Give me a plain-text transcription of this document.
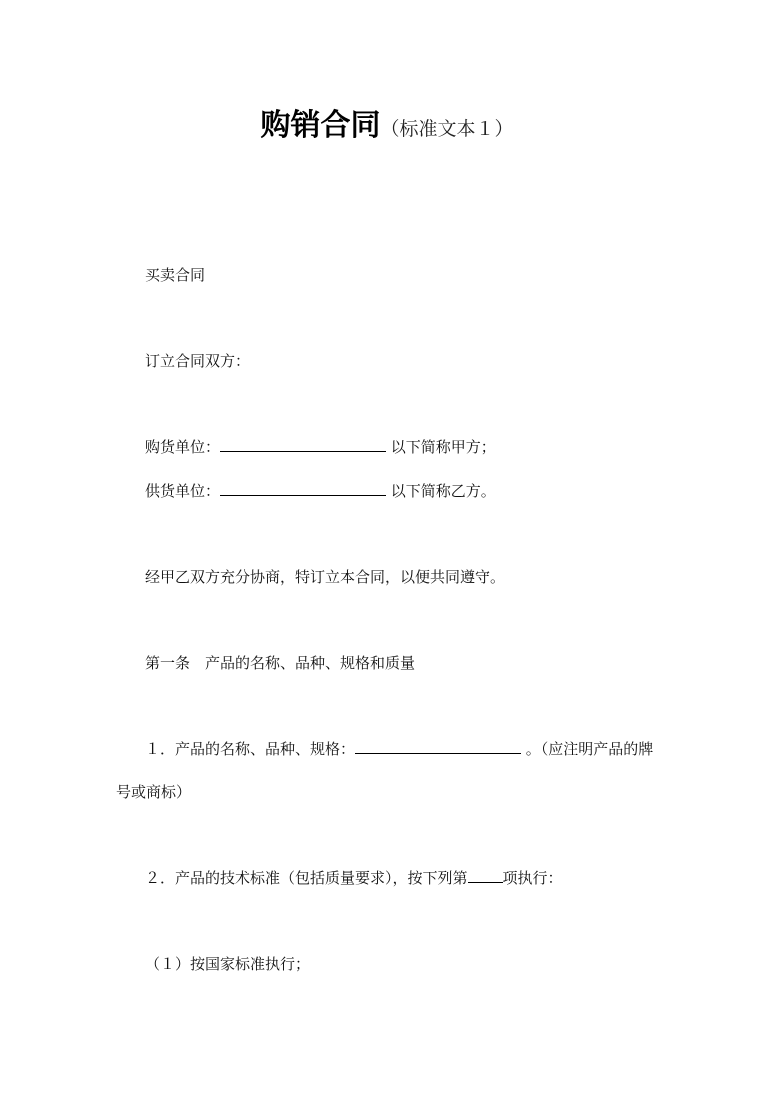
购销合同（标准文本１）
买卖合同
订立合同双方：
购货单位：	以下简称甲方；
供货单位：	以下简称乙方。
经甲乙双方充分协商，特订立本合同，以便共同遵守。
第一条 产品的名称、品种、规格和质量
１．产品的名称、品种、规格：	。（应注明产品的牌
号或商标）
２．产品的技术标准（包括质量要求），按下列第 项执行：
（１）按国家标准执行；
